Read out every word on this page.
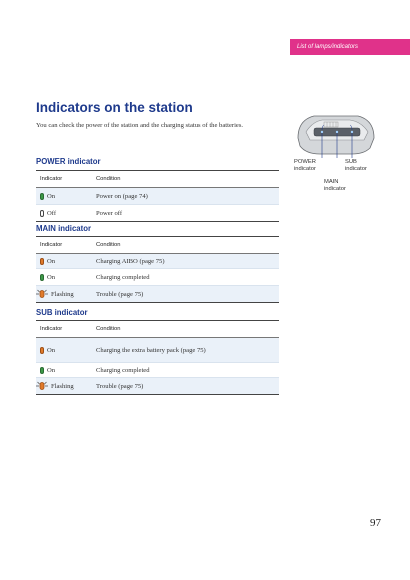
List of lamps/indicators
Indicators on the station
You can check the power of the station and the charging status of the batteries.
POWER indicator
Indicator	Condition
On	Power on (page 74)
Off	Power off
MAIN indicator
Indicator	Condition
On	Charging AIBO (page 75)
On	Charging completed
Flashing	Trouble (page 75)
SUB indicator
Indicator	Condition
On	Charging the extra battery pack (page 75)
On	Charging completed
Flashing	Trouble (page 75)
POWER
indicator
SUB
indicator
MAIN
indicator
97
